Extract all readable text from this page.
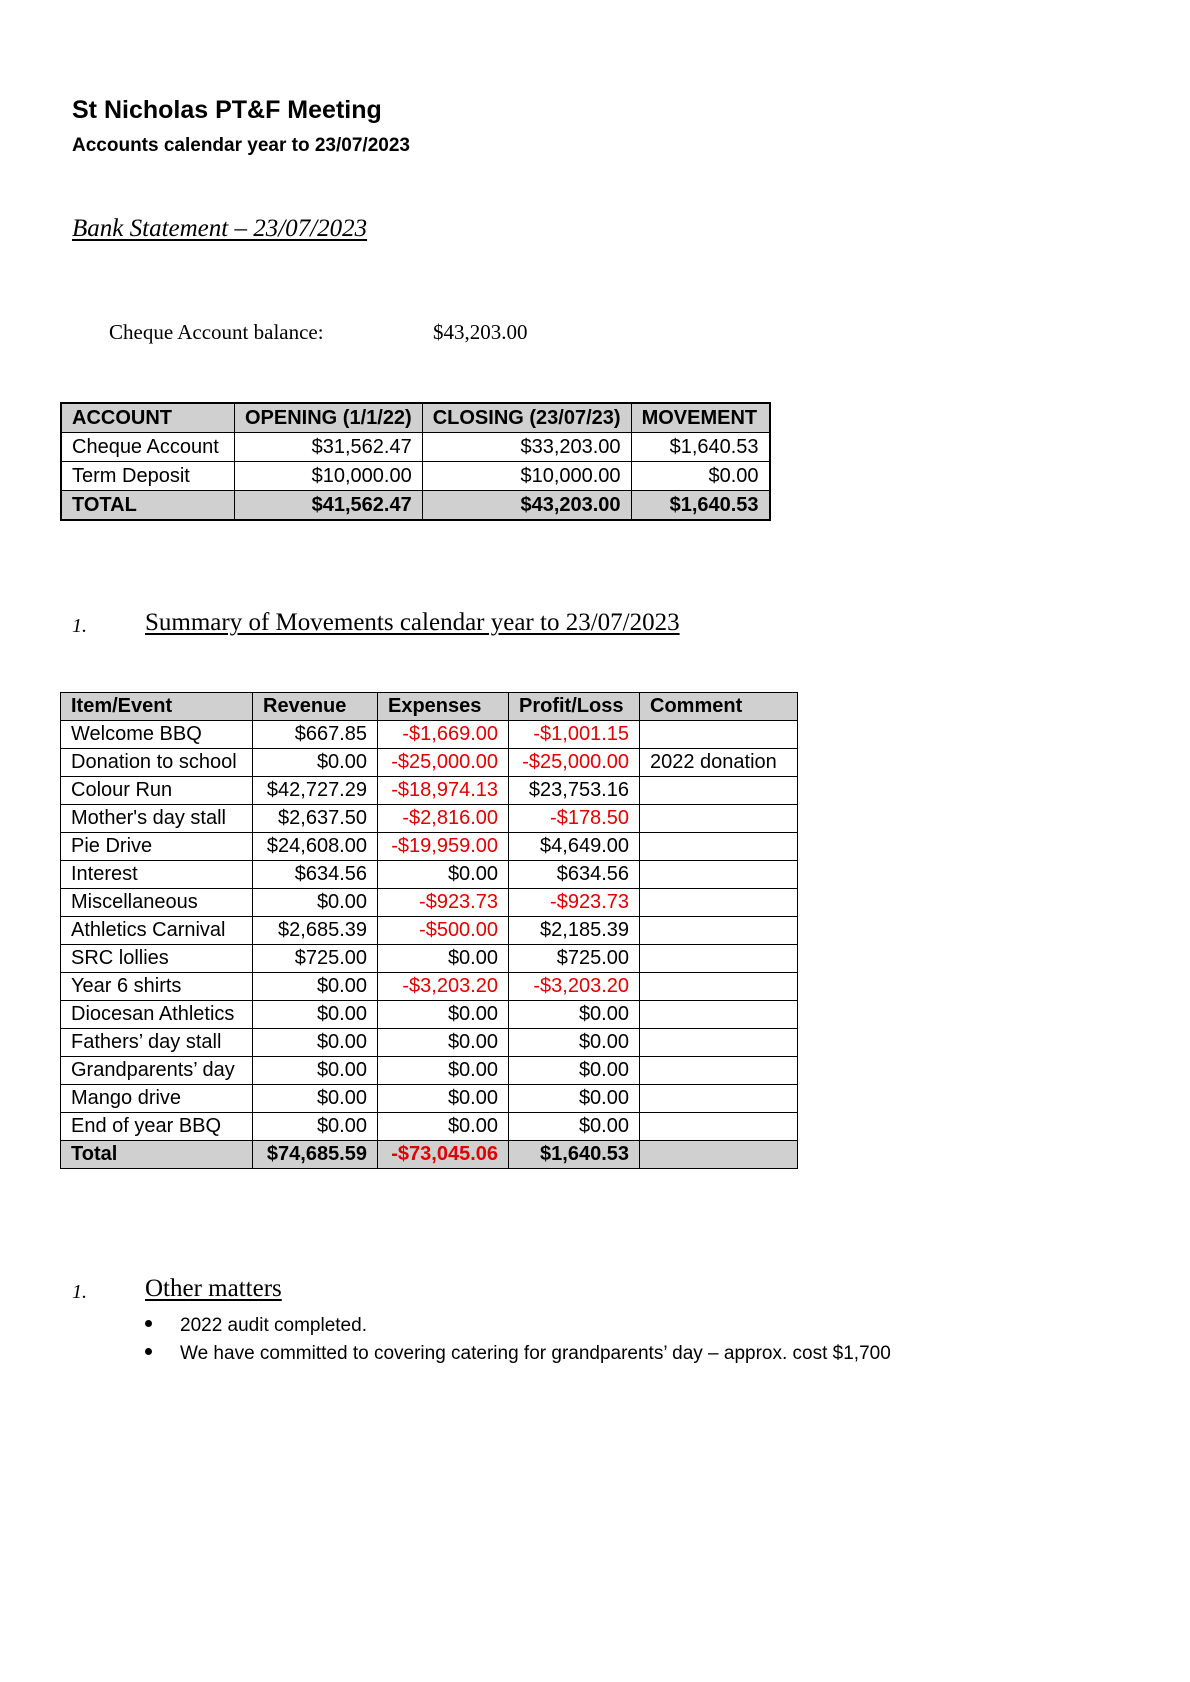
St Nicholas PT&F Meeting
Accounts calendar year to 23/07/2023
Bank Statement – 23/07/2023
Cheque Account balance:	$43,203.00
ACCOUNT	OPENING (1/1/22)	CLOSING (23/07/23)	MOVEMENT
Cheque Account	$31,562.47	$33,203.00	$1,640.53
Term Deposit	$10,000.00	$10,000.00	$0.00
TOTAL	$41,562.47	$43,203.00	$1,640.53
1. Summary of Movements calendar year to 23/07/2023
Item/Event	Revenue	Expenses	Profit/Loss	Comment
Welcome BBQ	$667.85	-$1,669.00	-$1,001.15	
Donation to school	$0.00	-$25,000.00	-$25,000.00	2022 donation
Colour Run	$42,727.29	-$18,974.13	$23,753.16	
Mother's day stall	$2,637.50	-$2,816.00	-$178.50	
Pie Drive	$24,608.00	-$19,959.00	$4,649.00	
Interest	$634.56	$0.00	$634.56	
Miscellaneous	$0.00	-$923.73	-$923.73	
Athletics Carnival	$2,685.39	-$500.00	$2,185.39	
SRC lollies	$725.00	$0.00	$725.00	
Year 6 shirts	$0.00	-$3,203.20	-$3,203.20	
Diocesan Athletics	$0.00	$0.00	$0.00	
Fathers’ day stall	$0.00	$0.00	$0.00	
Grandparents’ day	$0.00	$0.00	$0.00	
Mango drive	$0.00	$0.00	$0.00	
End of year BBQ	$0.00	$0.00	$0.00	
Total	$74,685.59	-$73,045.06	$1,640.53	
1. Other matters
2022 audit completed.
We have committed to covering catering for grandparents’ day – approx. cost $1,700
